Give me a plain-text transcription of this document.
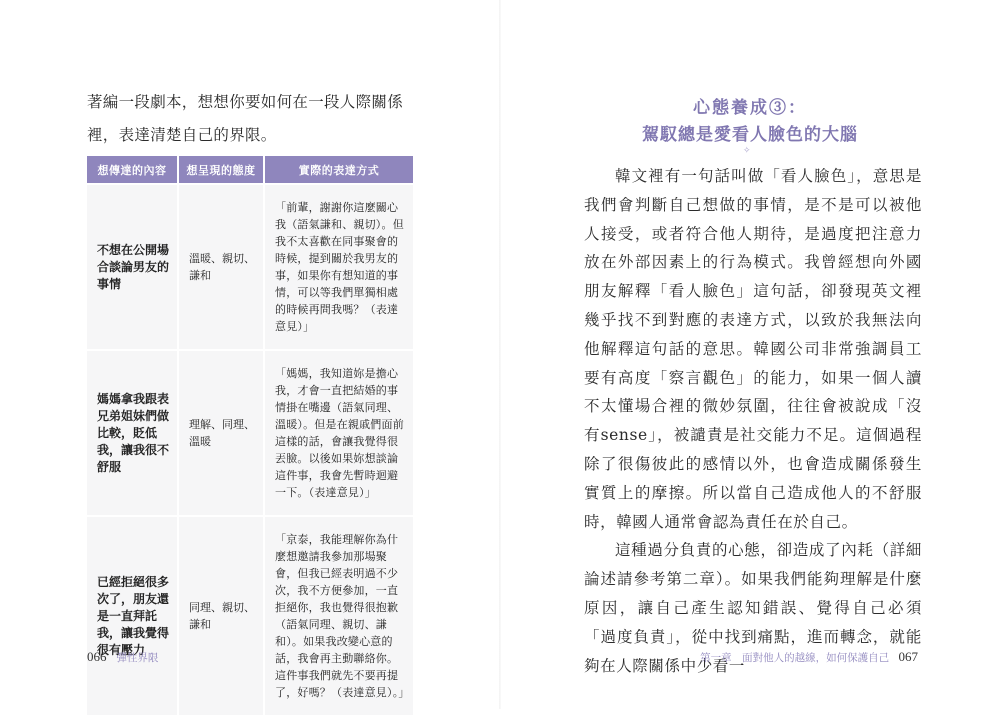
著編一段劇本，想想你要如何在一段人際關係裡，表達清楚自己的界限。
想傳達的內容	想呈現的態度	實際的表達方式
不想在公開場合談論男友的事情	溫暖、親切、謙和	「前輩，謝謝你這麼關心我（語氣謙和、親切）。但我不太喜歡在同事聚會的時候，提到關於我男友的事，如果你有想知道的事情，可以等我們單獨相處的時候再問我嗎？（表達意見）」
媽媽拿我跟表兄弟姐妹們做比較，貶低我，讓我很不舒服	理解、同理、溫暖	「媽媽，我知道妳是擔心我，才會一直把結婚的事情掛在嘴邊（語氣同理、溫暖）。但是在親戚們面前這樣的話，會讓我覺得很丟臉。以後如果妳想談論這件事，我會先暫時迴避一下。（表達意見）」
已經拒絕很多次了，朋友還是一直拜託我，讓我覺得很有壓力	同理、親切、謙和	「京泰，我能理解你為什麼想邀請我參加那場聚會，但我已經表明過不少次，我不方便參加，一直拒絕你，我也覺得很抱歉（語氣同理、親切、謙和）。如果我改變心意的話，我會再主動聯絡你。這件事我們就先不要再提了，好嗎？（表達意見）。」
066 彈性界限
心態養成③：
駕馭總是愛看人臉色的大腦
✧

韓文裡有一句話叫做「看人臉色」，意思是我們會判斷自己想做的事情，是不是可以被他人接受，或者符合他人期待，是過度把注意力放在外部因素上的行為模式。我曾經想向外國朋友解釋「看人臉色」這句話，卻發現英文裡幾乎找不到對應的表達方式，以致於我無法向他解釋這句話的意思。韓國公司非常強調員工要有高度「察言觀色」的能力，如果一個人讀不太懂場合裡的微妙氛圍，往往會被說成「沒有sense」，被譴責是社交能力不足。這個過程除了很傷彼此的感情以外，也會造成關係發生實質上的摩擦。所以當自己造成他人的不舒服時，韓國人通常會認為責任在於自己。

這種過分負責的心態，卻造成了內耗（詳細論述請參考第二章）。如果我們能夠理解是什麼原因，讓自己產生認知錯誤、覺得自己必須「過度負責」，從中找到痛點，進而轉念，就能夠在人際關係中少看一

第一章　面對他人的越線，如何保護自己 067
